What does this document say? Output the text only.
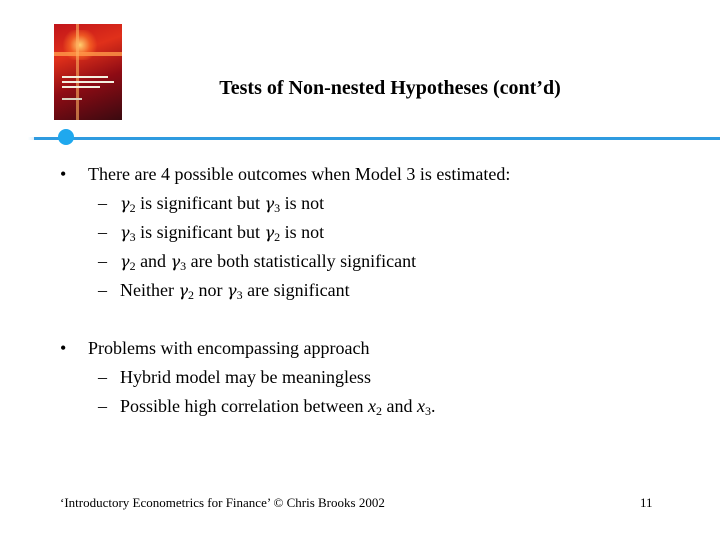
Tests of Non-nested Hypotheses (cont’d)
• There are 4 possible outcomes when Model 3 is estimated:
– $\gamma_2$ is significant but $\gamma_3$ is not
– $\gamma_3$ is significant but $\gamma_2$ is not
– $\gamma_2$ and $\gamma_3$ are both statistically significant
– Neither $\gamma_2$ nor $\gamma_3$ are significant
• Problems with encompassing approach
– Hybrid model may be meaningless
– Possible high correlation between $x_2$ and $x_3$.
‘Introductory Econometrics for Finance’ © Chris Brooks 2002	11
